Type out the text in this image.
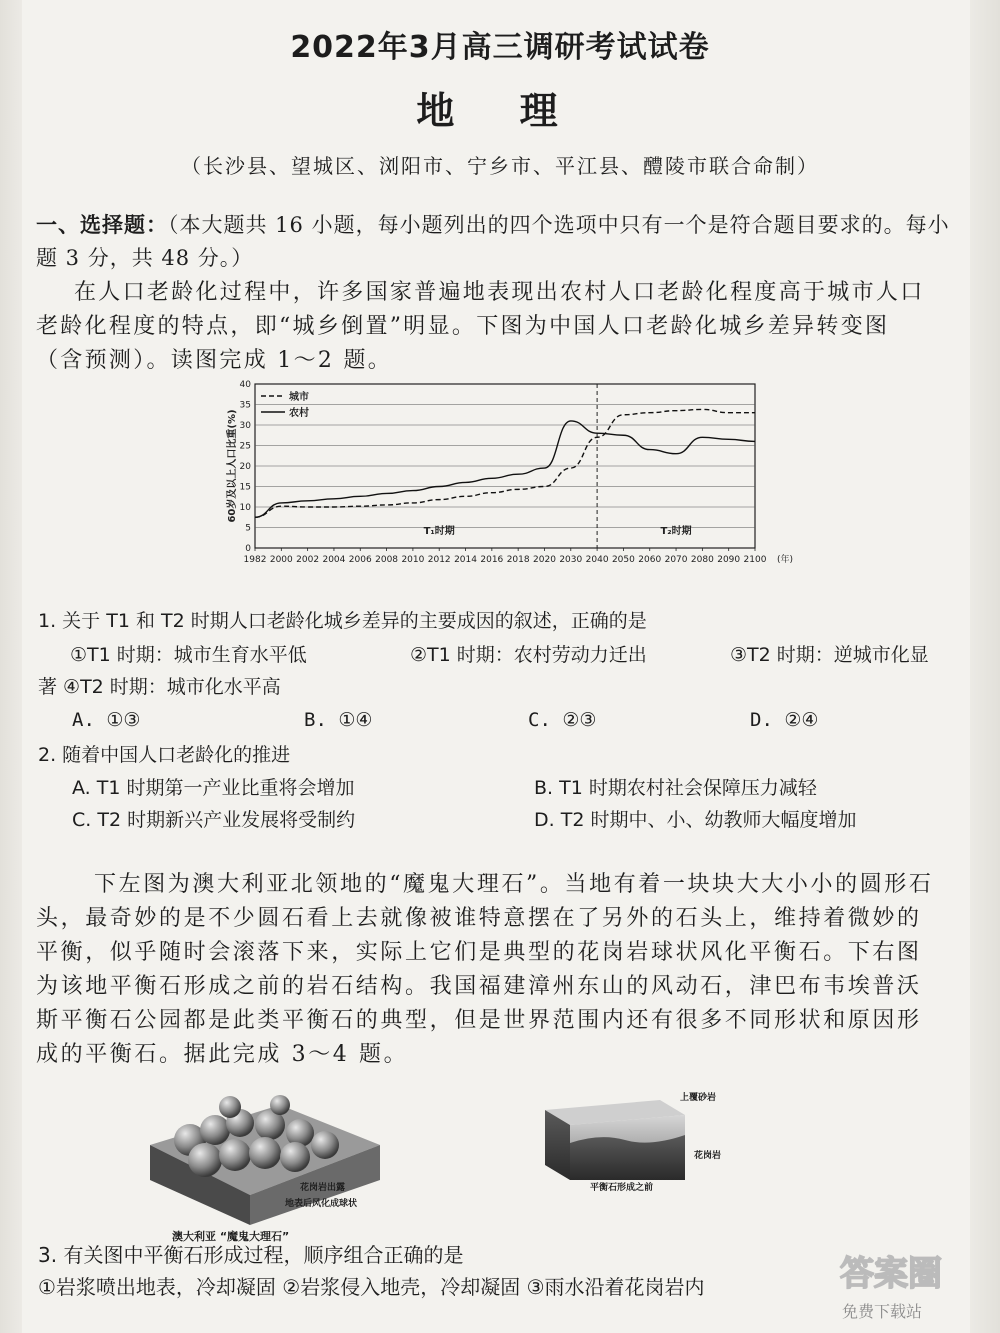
2022年3月高三调研考试试卷
地 理
（长沙县、望城区、浏阳市、宁乡市、平江县、醴陵市联合命制）
一、选择题：（本大题共 16 小题，每小题列出的四个选项中只有一个是符合题目要求的。每小
题 3 分，共 48 分。）
在人口老龄化过程中，许多国家普遍地表现出农村人口老龄化程度高于城市人口
老龄化程度的特点，即“城乡倒置”明显。下图为中国人口老龄化城乡差异转变图
（含预测）。读图完成 1～2 题。
0
5
10
15
20
25
30
35
40
1982 2000 2002 2004 2006 2008 2010 2012 2014 2016 2018 2020 2030 2040 2050 2060 2070 2080 2090 2100 (年)
60岁及以上人口比重(%)
T₁时期	T₂时期
城市
农村
1. 关于 T1 和 T2 时期人口老龄化城乡差异的主要成因的叙述，正确的是
①T1 时期：城市生育水平低	②T1 时期：农村劳动力迁出	③T2 时期：逆城市化显
著 ④T2 时期：城市化水平高
A. ①③	B. ①④	C. ②③	D. ②④
2. 随着中国人口老龄化的推进
A. T1 时期第一产业比重将会增加	B. T1 时期农村社会保障压力减轻
C. T2 时期新兴产业发展将受制约	D. T2 时期中、小、幼教师大幅度增加
下左图为澳大利亚北领地的“魔鬼大理石”。当地有着一块块大大小小的圆形石
头，最奇妙的是不少圆石看上去就像被谁特意摆在了另外的石头上，维持着微妙的
平衡，似乎随时会滚落下来，实际上它们是典型的花岗岩球状风化平衡石。下右图
为该地平衡石形成之前的岩石结构。我国福建漳州东山的风动石，津巴布韦埃普沃
斯平衡石公园都是此类平衡石的典型，但是世界范围内还有很多不同形状和原因形
成的平衡石。据此完成 3～4 题。
花岗岩出露
地表后风化成球状
澳大利亚 “魔鬼大理石”
上覆砂岩
花岗岩
平衡石形成之前
3. 有关图中平衡石形成过程，顺序组合正确的是
①岩浆喷出地表，冷却凝固 ②岩浆侵入地壳，冷却凝固 ③雨水沿着花岗岩内	答案圈
免费下载站
